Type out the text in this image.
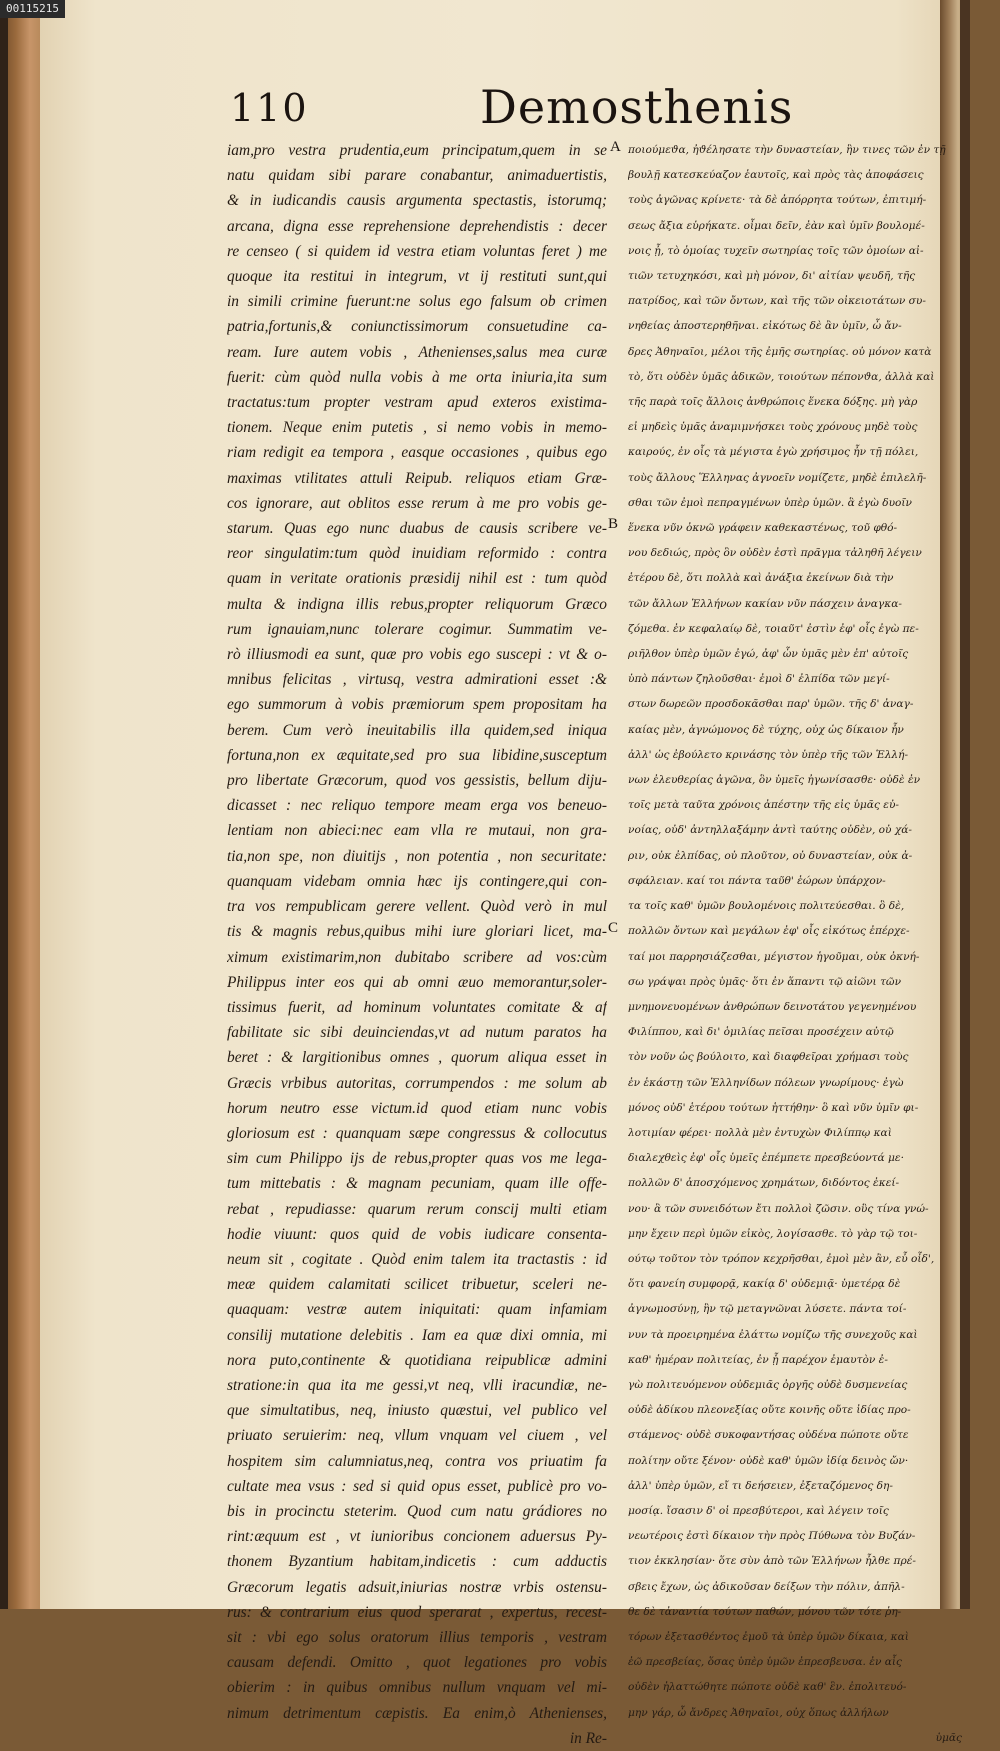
00115215
110	Demosthenis
A
B
C
iam,pro vestra prudentia,eum principatum,quem in se
natu quidam sibi parare conabantur, animaduertistis,
& in iudicandis causis argumenta spectastis, istorumq;
arcana, digna esse reprehensione deprehendistis : decer
re censeo ( si quidem id vestra etiam voluntas feret ) me
quoque ita restitui in integrum, vt ij restituti sunt,qui
in simili crimine fuerunt:ne solus ego falsum ob crimen
patria,fortunis,& coniunctissimorum consuetudine ca-
ream. Iure autem vobis , Athenienses,salus mea curæ
fuerit: cùm quòd nulla vobis à me orta iniuria,ita sum
tractatus:tum propter vestram apud exteros existima-
tionem. Neque enim putetis , si nemo vobis in memo-
riam redigit ea tempora , easque occasiones , quibus ego
maximas vtilitates attuli Reipub. reliquos etiam Græ-
cos ignorare, aut oblitos esse rerum à me pro vobis ge-
starum. Quas ego nunc duabus de causis scribere ve-
reor singulatim:tum quòd inuidiam reformido : contra
quam in veritate orationis præsidij nihil est : tum quòd
multa & indigna illis rebus,propter reliquorum Græco
rum ignauiam,nunc tolerare cogimur. Summatim ve-
rò illiusmodi ea sunt, quæ pro vobis ego suscepi : vt & o-
mnibus felicitas , virtusq, vestra admirationi esset :&
ego summorum à vobis præmiorum spem propositam ha
berem. Cum verò ineuitabilis illa quidem,sed iniqua
fortuna,non ex æquitate,sed pro sua libidine,susceptum
pro libertate Græcorum, quod vos gessistis, bellum diju-
dicasset : nec reliquo tempore meam erga vos beneuo-
lentiam non abieci:nec eam vlla re mutaui, non gra-
tia,non spe, non diuitijs , non potentia , non securitate:
quanquam videbam omnia hæc ijs contingere,qui con-
tra vos rempublicam gerere vellent. Quòd verò in mul
tis & magnis rebus,quibus mihi iure gloriari licet, ma-
ximum existimarim,non dubitabo scribere ad vos:cùm
Philippus inter eos qui ab omni æuo memorantur,soler-
tissimus fuerit, ad hominum voluntates comitate & af
fabilitate sic sibi deuinciendas,vt ad nutum paratos ha
beret : & largitionibus omnes , quorum aliqua esset in
Græcis vrbibus autoritas, corrumpendos : me solum ab
horum neutro esse victum.id quod etiam nunc vobis
gloriosum est : quanquam sæpe congressus & collocutus
sim cum Philippo ijs de rebus,propter quas vos me lega-
tum mittebatis : & magnam pecuniam, quam ille offe-
rebat , repudiasse: quarum rerum conscij multi etiam
hodie viuunt: quos quid de vobis iudicare consenta-
neum sit , cogitate . Quòd enim talem ita tractastis : id
meæ quidem calamitati scilicet tribuetur, sceleri ne-
quaquam: vestræ autem iniquitati: quam infamiam
consilij mutatione delebitis . Iam ea quæ dixi omnia, mi
nora puto,continente & quotidiana reipublicæ admini
stratione:in qua ita me gessi,vt neq, vlli iracundiæ, ne-
que simultatibus, neq, iniusto quæstui, vel publico vel
priuato seruierim: neq, vllum vnquam vel ciuem , vel
hospitem sim calumniatus,neq, contra vos priuatim fa
cultate mea vsus : sed si quid opus esset, publicè pro vo-
bis in procinctu steterim. Quod cum natu grádiores no
rint:æquum est , vt iunioribus concionem aduersus Py-
thonem Byzantium habitam,indicetis : cum adductis
Græcorum legatis adsuit,iniurias nostræ vrbis ostensu-
rus: & contrarium eius quod sperarat , expertus, recest-
sit : vbi ego solus oratorum illius temporis , vestram
causam defendi. Omitto , quot legationes pro vobis
obierim : in quibus omnibus nullum vnquam vel mi-
nimum detrimentum cæpistis. Ea enim,ò Athenienses,
in Re-
ποιούμεϑα, ἠϑέλησατε τὴν δυναστείαν, ἣν τινες τῶν ἐν τῇ
βουλῇ κατεσκεύαζον ἑαυτοῖς, καὶ πρὸς τὰς ἀποφάσεις
τοὺς ἀγῶνας κρίνετε· τὰ δὲ ἀπόρρητα τούτων, ἐπιτιμή-
σεως ἄξια εὑρήκατε. οἶμαι δεῖν, ἐὰν καὶ ὑμῖν βουλομέ-
νοις ᾖ, τὸ ὁμοίας τυχεῖν σωτηρίας τοῖς τῶν ὁμοίων αἰ-
τιῶν τετυχηκόσι, καὶ μὴ μόνον, δι' αἰτίαν ψευδῆ, τῆς
πατρίδος, καὶ τῶν ὄντων, καὶ τῆς τῶν οἰκειοτάτων συ-
νηθείας ἀποστερηθῆναι. εἰκότως δὲ ἂν ὑμῖν, ὦ ἄν-
δρες Ἀθηναῖοι, μέλοι τῆς ἐμῆς σωτηρίας. οὐ μόνον κατὰ
τὸ, ὅτι οὐδὲν ὑμᾶς ἀδικῶν, τοιούτων πέπονϑα, ἀλλὰ καὶ
τῆς παρὰ τοῖς ἄλλοις ἀνθρώποις ἕνεκα δόξης. μὴ γὰρ
εἰ μηδεὶς ὑμᾶς ἀναμιμνήσκει τοὺς χρόνους μηδὲ τοὺς
καιρούς, ἐν οἷς τὰ μέγιστα ἐγὼ χρήσιμος ἦν τῇ πόλει,
τοὺς ἄλλους Ἕλληνας ἀγνοεῖν νομίζετε, μηδὲ ἐπιλελῆ-
σθαι τῶν ἐμοὶ πεπραγμένων ὑπὲρ ὑμῶν. ἃ ἐγὼ δυοῖν
ἕνεκα νῦν ὀκνῶ γράφειν καθεκαστένως, τοῦ φθό-
νου δεδιώς, πρὸς ὃν οὐδὲν ἐστὶ πρᾶγμα τἀληθῆ λέγειν
ἑτέρου δὲ, ὅτι πολλὰ καὶ ἀνάξια ἐκείνων διὰ τὴν
τῶν ἄλλων Ἑλλήνων κακίαν νῦν πάσχειν ἀναγκα-
ζόμεθα. ἐν κεφαλαίῳ δὲ, τοιαῦτ' ἐστὶν ἐφ' οἷς ἐγὼ πε-
ριῆλθον ὑπὲρ ὑμῶν ἐγώ, ἀφ' ὧν ὑμᾶς μὲν ἐπ' αὐτοῖς
ὑπὸ πάντων ζηλοῦσθαι· ἐμοὶ δ' ἐλπίδα τῶν μεγί-
στων δωρεῶν προσδοκᾶσθαι παρ' ὑμῶν. τῆς δ' ἀναγ-
καίας μὲν, ἀγνώμονος δὲ τύχης, οὐχ ὡς δίκαιον ἦν
ἀλλ' ὡς ἐβούλετο κρινάσης τὸν ὑπὲρ τῆς τῶν Ἑλλή-
νων ἐλευθερίας ἀγῶνα, ὃν ὑμεῖς ἠγωνίσασθε· οὐδὲ ἐν
τοῖς μετὰ ταῦτα χρόνοις ἀπέστην τῆς εἰς ὑμᾶς εὐ-
νοίας, οὐδ' ἀντηλλαξάμην ἀντὶ ταύτης οὐδὲν, οὐ χά-
ριν, οὐκ ἐλπίδας, οὐ πλοῦτον, οὐ δυναστείαν, οὐκ ἀ-
σφάλειαν. καί τοι πάντα ταῦθ' ἑώρων ὑπάρχον-
τα τοῖς καθ' ὑμῶν βουλομένοις πολιτεύεσθαι. ὃ δὲ,
πολλῶν ὄντων καὶ μεγάλων ἐφ' οἷς εἰκότως ἐπέρχε-
ταί μοι παρρησιάζεσθαι, μέγιστον ἡγοῦμαι, οὐκ ὀκνή-
σω γράψαι πρὸς ὑμᾶς· ὅτι ἐν ἅπαντι τῷ αἰῶνι τῶν
μνημονευομένων ἀνθρώπων δεινοτάτου γεγενημένου
Φιλίππου, καὶ δι' ὁμιλίας πεῖσαι προσέχειν αὐτῷ
τὸν νοῦν ὡς βούλοιτο, καὶ διαφθεῖραι χρήμασι τοὺς
ἐν ἑκάστῃ τῶν Ἑλληνίδων πόλεων γνωρίμους· ἐγὼ
μόνος οὐδ' ἑτέρου τούτων ἡττήθην· ὃ καὶ νῦν ὑμῖν φι-
λοτιμίαν φέρει· πολλὰ μὲν ἐντυχὼν Φιλίππῳ καὶ
διαλεχθεὶς ἐφ' οἷς ὑμεῖς ἐπέμπετε πρεσβεύοντά με·
πολλῶν δ' ἀποσχόμενος χρημάτων, διδόντος ἐκεί-
νου· ἃ τῶν συνειδότων ἔτι πολλοὶ ζῶσιν. οὓς τίνα γνώ-
μην ἔχειν περὶ ὑμῶν εἰκὸς, λογίσασθε. τὸ γὰρ τῷ τοι-
ούτῳ τοῦτον τὸν τρόπον κεχρῆσθαι, ἐμοὶ μὲν ἂν, εὖ οἶδ',
ὅτι φανείη συμφορᾷ, κακίᾳ δ' οὐδεμιᾷ· ὑμετέρᾳ δὲ
ἀγνωμοσύνῃ, ἣν τῷ μεταγνῶναι λύσετε. πάντα τοί-
νυν τὰ προειρημένα ἐλάττω νομίζω τῆς συνεχοῦς καὶ
καθ' ἡμέραν πολιτείας, ἐν ᾗ παρέχον ἐμαυτὸν ἐ-
γὼ πολιτευόμενον οὐδεμιᾶς ὀργῆς οὐδὲ δυσμενείας
οὐδὲ ἀδίκου πλεονεξίας οὔτε κοινῆς οὔτε ἰδίας προ-
στάμενος· οὐδὲ συκοφαντήσας οὐδένα πώποτε οὔτε
πολίτην οὔτε ξένον· οὐδὲ καθ' ὑμῶν ἰδίᾳ δεινὸς ὤν·
ἀλλ' ὑπὲρ ὑμῶν, εἴ τι δεήσειεν, ἐξεταζόμενος δη-
μοσίᾳ. ἴσασιν δ' οἱ πρεσβύτεροι, καὶ λέγειν τοῖς
νεωτέροις ἐστὶ δίκαιον τὴν πρὸς Πύθωνα τὸν Βυζάν-
τιον ἐκκλησίαν· ὅτε σὺν ἀπὸ τῶν Ἑλλήνων ἦλθε πρέ-
σβεις ἔχων, ὡς ἀδικοῦσαν δείξων τὴν πόλιν, ἀπῆλ-
θε δὲ τἀναντία τούτων παθών, μόνου τῶν τότε ῥη-
τόρων ἐξετασθέντος ἐμοῦ τὰ ὑπὲρ ὑμῶν δίκαια, καὶ
ἐῶ πρεσβείας, ὅσας ὑπὲρ ὑμῶν ἐπρεσβευσα. ἐν αἷς
οὐδὲν ἠλαττώθητε πώποτε οὐδὲ καθ' ἓν. ἐπολιτευό-
μην γάρ, ὦ ἄνδρες Ἀθηναῖοι, οὐχ ὅπως ἀλλήλων
ὑμᾶς
